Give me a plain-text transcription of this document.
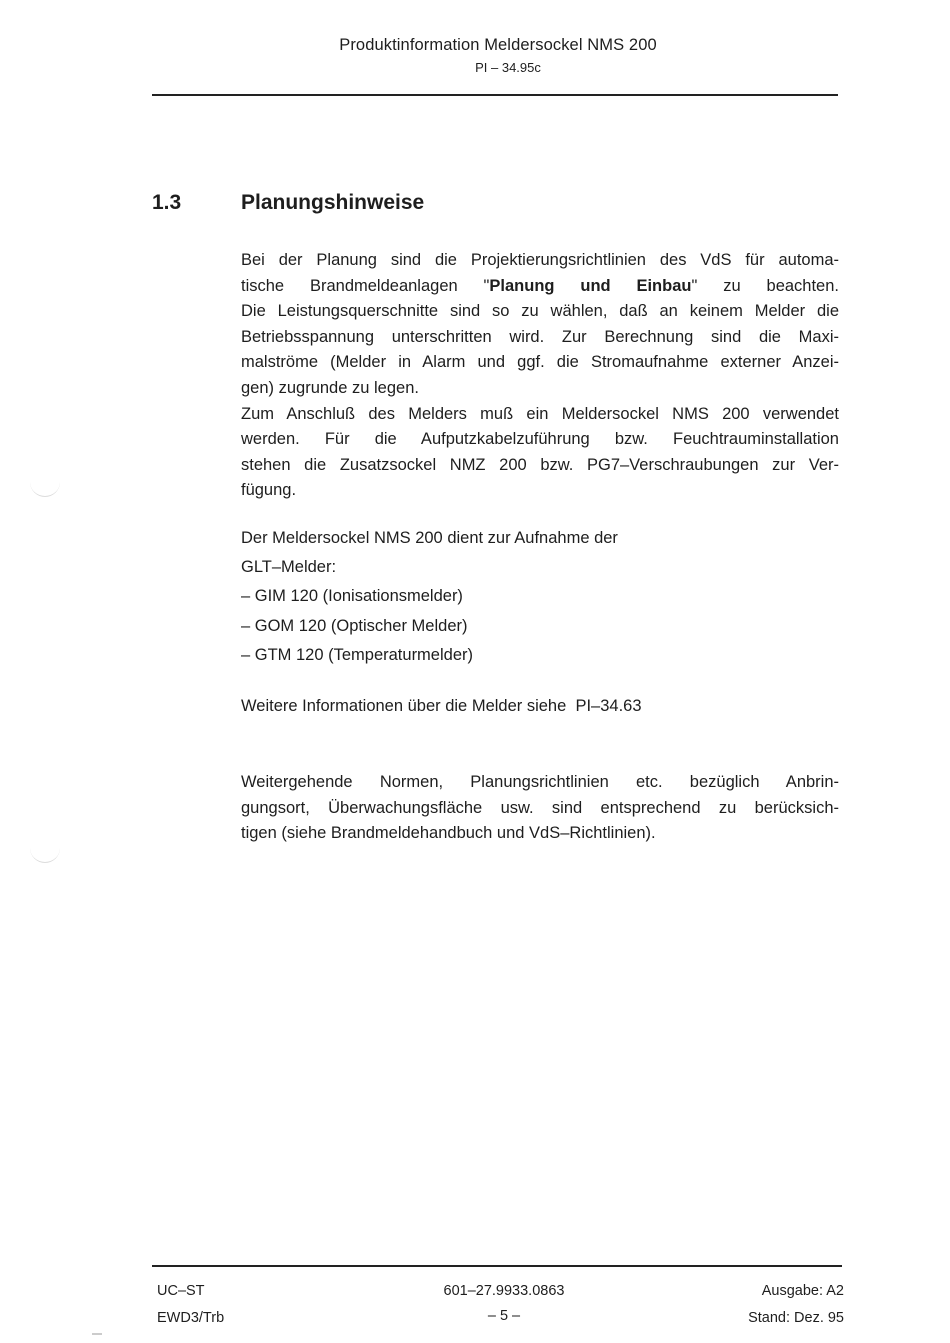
Produktinformation Meldersockel NMS 200
PI – 34.95c
1.3	Planungshinweise
Bei der Planung sind die Projektierungsrichtlinien des VdS für automa-
tische Brandmeldeanlagen "Planung und Einbau" zu beachten.
Die Leistungsquerschnitte sind so zu wählen, daß an keinem Melder die
Betriebsspannung unterschritten wird. Zur Berechnung sind die Maxi-
malströme (Melder in Alarm und ggf. die Stromaufnahme externer Anzei-
gen) zugrunde zu legen.
Zum Anschluß des Melders muß ein Meldersockel NMS 200 verwendet
werden. Für die Aufputzkabelzuführung bzw. Feuchtrauminstallation
stehen die Zusatzsockel NMZ 200 bzw. PG7–Verschraubungen zur Ver-
fügung.
Der Meldersockel NMS 200 dient zur Aufnahme der
GLT–Melder:
– GIM 120 (Ionisationsmelder)
– GOM 120 (Optischer Melder)
– GTM 120 (Temperaturmelder)
Weitere Informationen über die Melder siehe  PI–34.63
Weitergehende Normen, Planungsrichtlinien etc. bezüglich Anbrin-
gungsort, Überwachungsfläche usw. sind entsprechend zu berücksich-
tigen (siehe Brandmeldehandbuch und VdS–Richtlinien).
UC–ST
EWD3/Trb
601–27.9933.0863
– 5 –
Ausgabe: A2
Stand: Dez. 95
